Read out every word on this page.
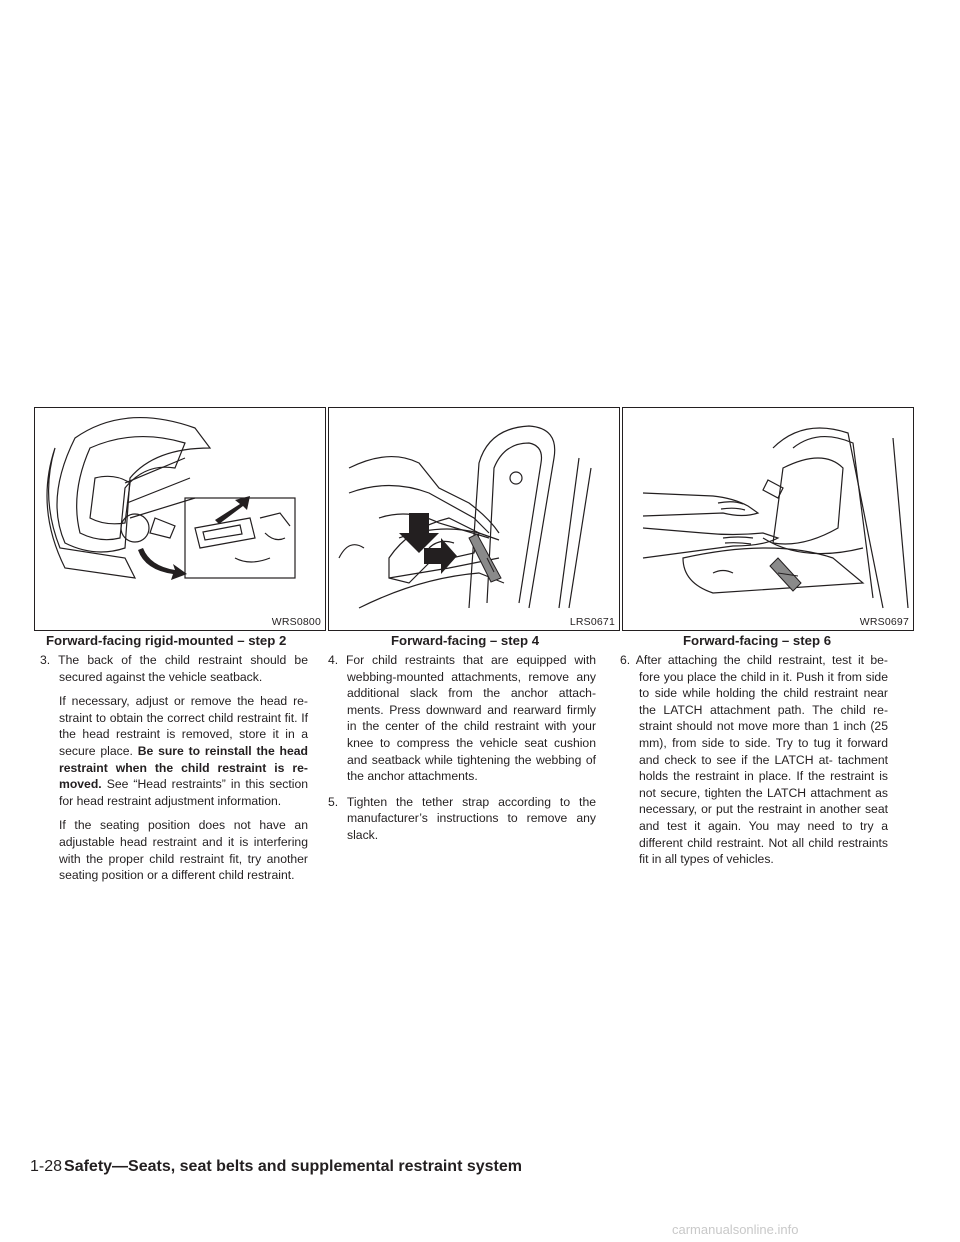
WRS0800
Forward-facing rigid-mounted – step 2
LRS0671
Forward-facing – step 4
WRS0697
Forward-facing – step 6

3. The back of the child restraint should be secured against the vehicle seatback.

If necessary, adjust or remove the head re- straint to obtain the correct child restraint fit. If the head restraint is removed, store it in a secure place. Be sure to reinstall the head restraint when the child restraint is re- moved. See “Head restraints” in this section for head restraint adjustment information.

If the seating position does not have an adjustable head restraint and it is interfering with the proper child restraint fit, try another seating position or a different child restraint.

4. For child restraints that are equipped with webbing-mounted attachments, remove any additional slack from the anchor attach- ments. Press downward and rearward firmly in the center of the child restraint with your knee to compress the vehicle seat cushion and seatback while tightening the webbing of the anchor attachments.

5. Tighten the tether strap according to the manufacturer’s instructions to remove any slack.

6. After attaching the child restraint, test it be- fore you place the child in it. Push it from side to side while holding the child restraint near the LATCH attachment path. The child re- straint should not move more than 1 inch (25 mm), from side to side. Try to tug it forward and check to see if the LATCH at- tachment holds the restraint in place. If the restraint is not secure, tighten the LATCH attachment as necessary, or put the restraint in another seat and test it again. You may need to try a different child restraint. Not all child restraints fit in all types of vehicles.

1-28 Safety—Seats, seat belts and supplemental restraint system
carmanualsonline.info
